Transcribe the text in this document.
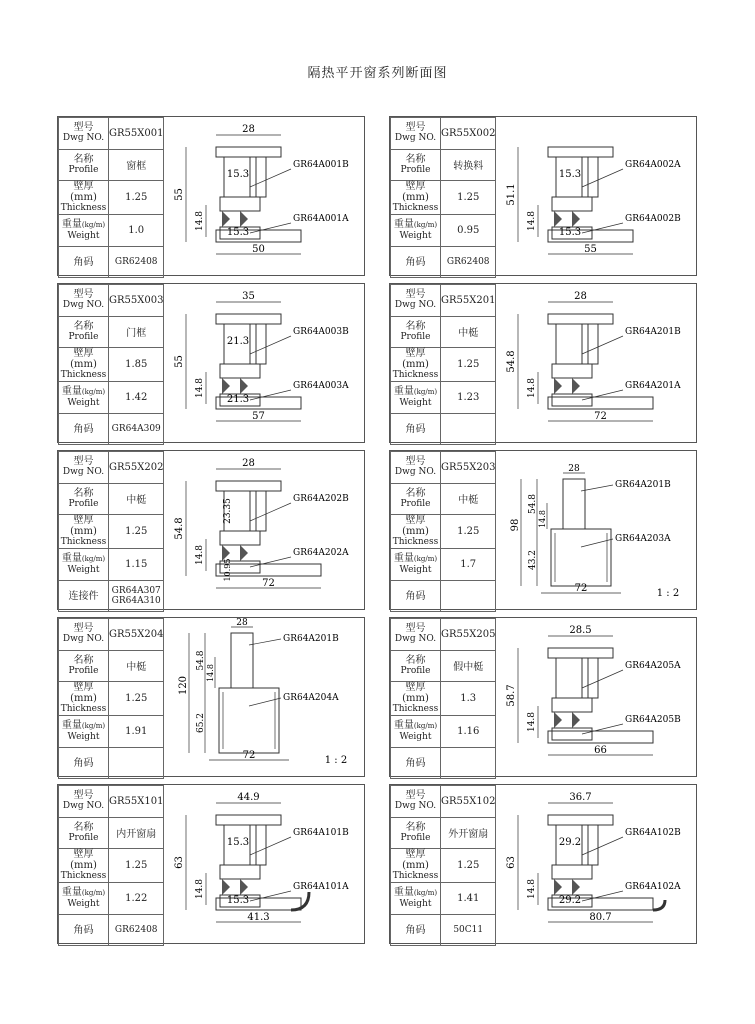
隔热平开窗系列断面图
型号
Dwg NO.	GR55X001

名称
Profile	窗框

壁厚 (mm)
Thickness	1.25

重量(kg/m)
Weight	1.0
角码	GR62408
28
55
14.8
15.3
15.3
50
GR64A001B
GR64A001A
型号
Dwg NO.	GR55X002

名称
Profile	转换料

壁厚 (mm)
Thickness	1.25

重量(kg/m)
Weight	0.95
角码	GR62408
51.1
14.8
15.3
15.3
55
GR64A002A
GR64A002B
型号
Dwg NO.	GR55X003

名称
Profile	门框

壁厚 (mm)
Thickness	1.85

重量(kg/m)
Weight	1.42
角码	GR64A309
35
55
14.8
21.3
21.3
57
GR64A003B
GR64A003A
型号
Dwg NO.	GR55X201

名称
Profile	中梃

壁厚 (mm)
Thickness	1.25

重量(kg/m)
Weight	1.23
角码	
28
54.8
14.8
72
GR64A201B
GR64A201A
型号
Dwg NO.	GR55X202

名称
Profile	中梃

壁厚 (mm)
Thickness	1.25

重量(kg/m)
Weight	1.15
连接件	GR64A307
GR64A310
28
54.8
14.8
23.35
10.95
72
GR64A202B
GR64A202A
型号
Dwg NO.	GR55X203

名称
Profile	中梃

壁厚 (mm)
Thickness	1.25

重量(kg/m)
Weight	1.7
角码	
28
98
54.8
14.8
43.2
72
GR64A201B
GR64A203A
1 : 2
型号
Dwg NO.	GR55X204

名称
Profile	中梃

壁厚 (mm)
Thickness	1.25

重量(kg/m)
Weight	1.91
角码	
28
120
54.8
14.8
65.2
72
GR64A201B
GR64A204A
1 : 2
型号
Dwg NO.	GR55X205

名称
Profile	假中梃

壁厚 (mm)
Thickness	1.3

重量(kg/m)
Weight	1.16
角码	
28.5
58.7
14.8
66
GR64A205A
GR64A205B
型号
Dwg NO.	GR55X101

名称
Profile	内开窗扇

壁厚 (mm)
Thickness	1.25

重量(kg/m)
Weight	1.22
角码	GR62408
44.9
63
14.8
15.3
15.3
41.3
GR64A101B
GR64A101A
型号
Dwg NO.	GR55X102

名称
Profile	外开窗扇

壁厚 (mm)
Thickness	1.25

重量(kg/m)
Weight	1.41
角码	50C11
36.7
63
14.8
29.2
29.2
80.7
GR64A102B
GR64A102A
